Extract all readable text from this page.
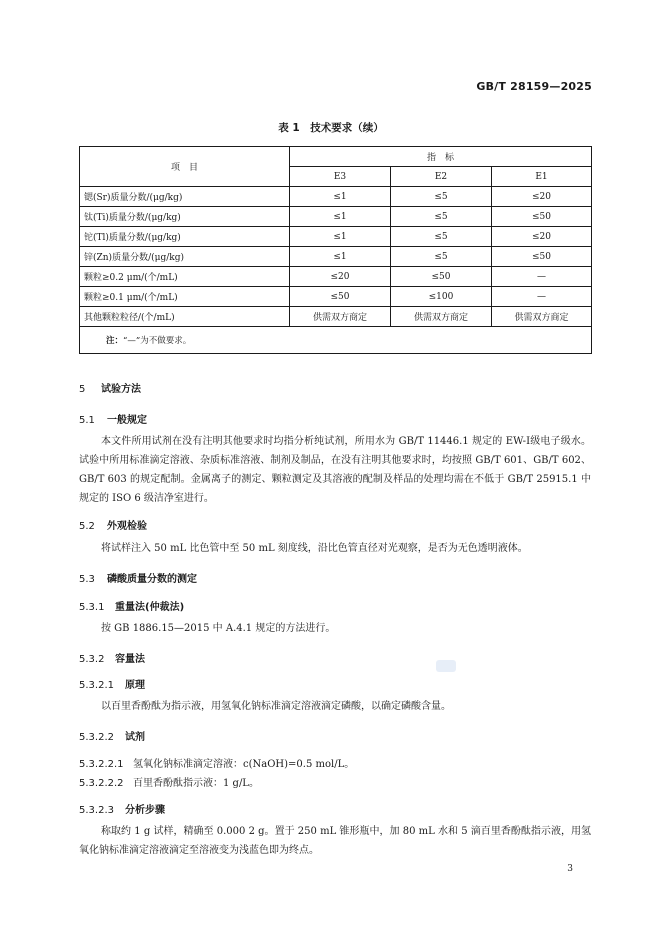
GB/T 28159—2025
表 1　技术要求（续）
项　目	指　标		
	E3	E2	E1
锶(Sr)质量分数/(μg/kg)	≤1	≤5	≤20
钛(Ti)质量分数/(μg/kg)	≤1	≤5	≤50
铊(Tl)质量分数/(μg/kg)	≤1	≤5	≤20
锌(Zn)质量分数/(μg/kg)	≤1	≤5	≤50
颗粒≥0.2 μm/(个/mL)	≤20	≤50	—
颗粒≥0.1 μm/(个/mL)	≤50	≤100	—
其他颗粒粒径/(个/mL)	供需双方商定	供需双方商定	供需双方商定
注：“—”为不做要求。			
5 试验方法
5.1 一般规定
本文件所用试剂在没有注明其他要求时均指分析纯试剂，所用水为 GB/T 11446.1 规定的 EW-Ⅰ级电子级水。试验中所用标准滴定溶液、杂质标准溶液、制剂及制品，在没有注明其他要求时，均按照 GB/T 601、GB/T 602、GB/T 603 的规定配制。金属离子的测定、颗粒测定及其溶液的配制及样品的处理均需在不低于 GB/T 25915.1 中规定的 ISO 6 级洁净室进行。
5.2 外观检验
将试样注入 50 mL 比色管中至 50 mL 刻度线，沿比色管直径对光观察，是否为无色透明液体。
5.3 磷酸质量分数的测定
5.3.1 重量法(仲裁法)
按 GB 1886.15—2015 中 A.4.1 规定的方法进行。
5.3.2 容量法
5.3.2.1 原理
以百里香酚酞为指示液，用氢氧化钠标准滴定溶液滴定磷酸，以确定磷酸含量。
5.3.2.2 试剂
5.3.2.2.1 氢氧化钠标准滴定溶液：c(NaOH)=0.5 mol/L。
5.3.2.2.2 百里香酚酞指示液：1 g/L。
5.3.2.3 分析步骤
称取约 1 g 试样，精确至 0.000 2 g。置于 250 mL 锥形瓶中，加 80 mL 水和 5 滴百里香酚酞指示液，用氢氧化钠标准滴定溶液滴定至溶液变为浅蓝色即为终点。
3
